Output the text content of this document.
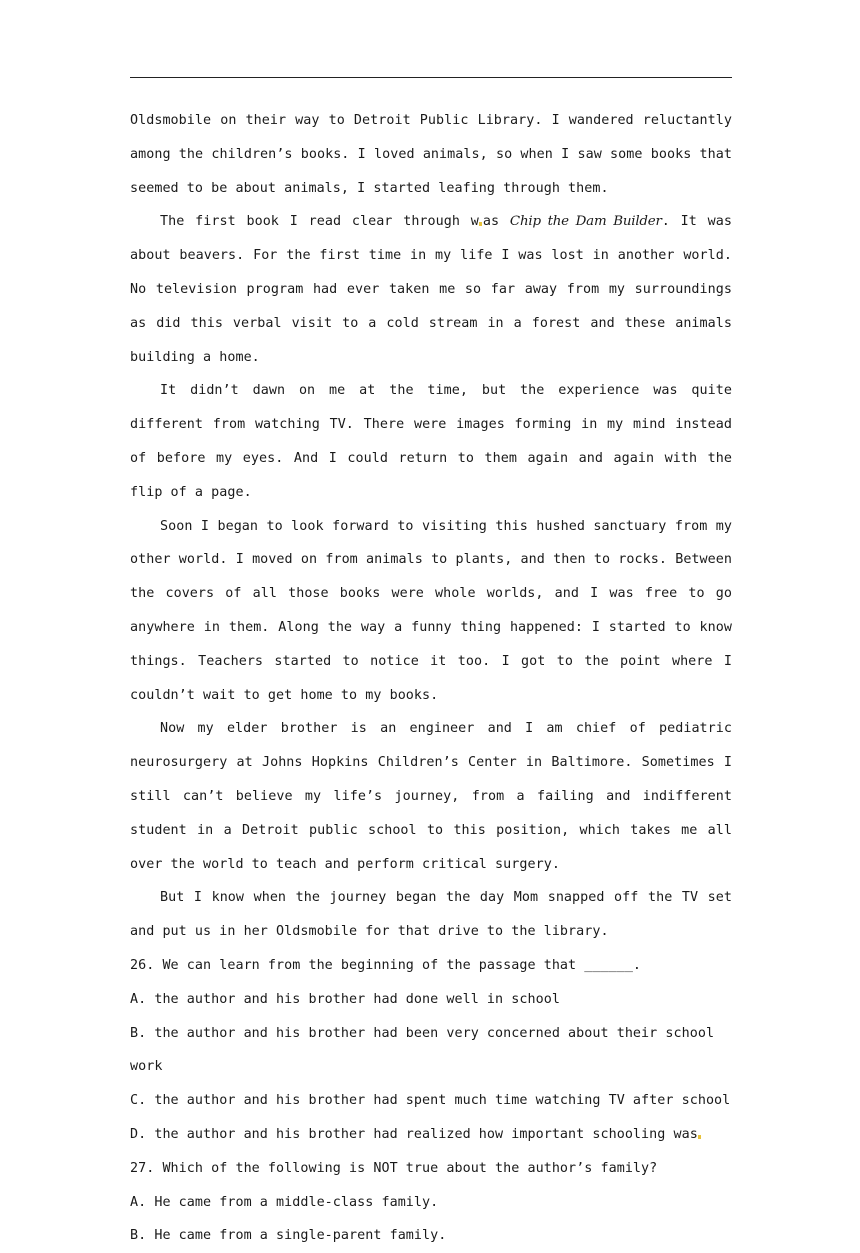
Oldsmobile on their way to Detroit Public Library. I wandered reluctantly among the children’s books. I loved animals, so when I saw some books that seemed to be about animals, I started leafing through them.

The first book I read clear through w as Chip the Dam Builder. It was about beavers. For the first time in my life I was lost in another world. No television program had ever taken me so far away from my surroundings as did this verbal visit to a cold stream in a forest and these animals building a home.

It didn’t dawn on me at the time, but the experience was quite different from watching TV. There were images forming in my mind instead of before my eyes. And I could return to them again and again with the flip of a page.

Soon I began to look forward to visiting this hushed sanctuary from my other world. I moved on from animals to plants, and then to rocks. Between the covers of all those books were whole worlds, and I was free to go anywhere in them. Along the way a funny thing happened: I started to know things. Teachers started to notice it too. I got to the point where I couldn’t wait to get home to my books.

Now my elder brother is an engineer and I am chief of pediatric neurosurgery at Johns Hopkins Children’s Center in Baltimore. Sometimes I still can’t believe my life’s journey, from a failing and indifferent student in a Detroit public school to this position, which takes me all over the world to teach and perform critical surgery.

But I know when the journey began the day Mom snapped off the TV set and put us in her Oldsmobile for that drive to the library.

26. We can learn from the beginning of the passage that ______.

A. the author and his brother had done well in school

B. the author and his brother had been very concerned about their school work

C. the author and his brother had spent much time watching TV after school

D. the author and his brother had realized how important schooling was

27. Which of the following is NOT true about the author’s family?

A. He came from a middle-class family.

B. He came from a single-parent family.
